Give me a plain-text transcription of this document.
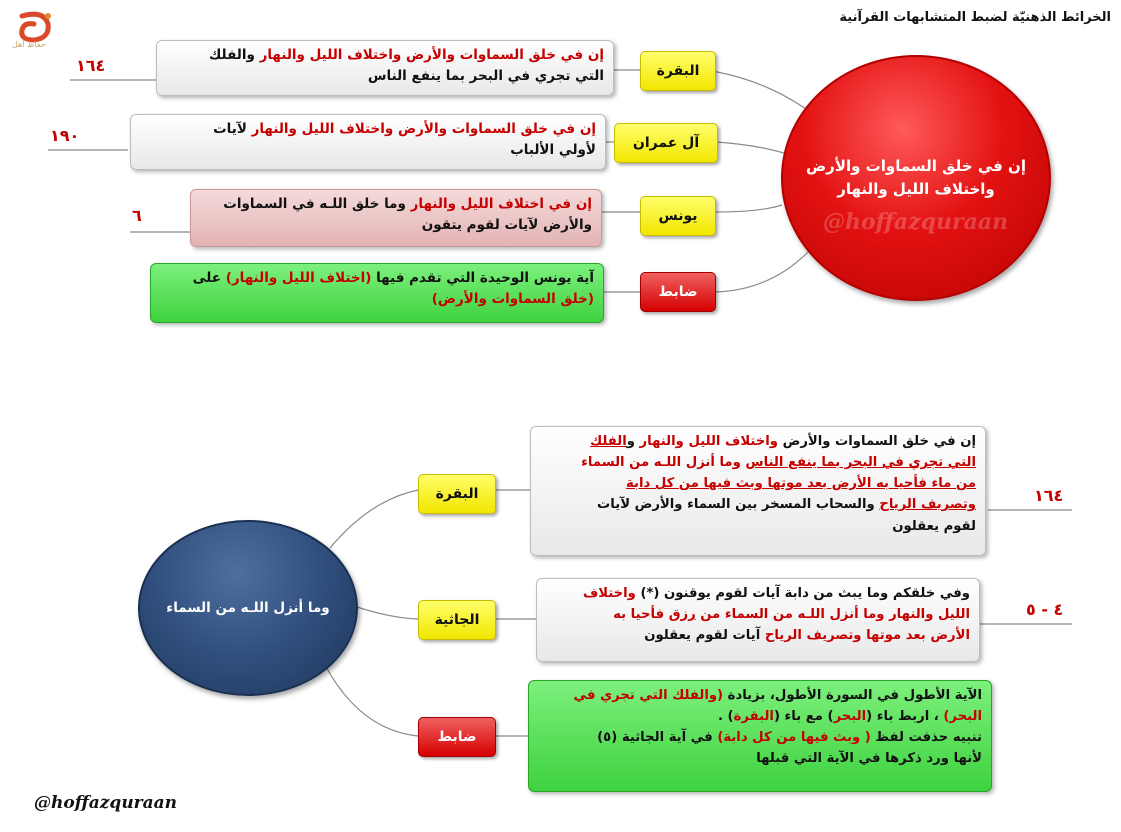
الخرائط الذهنيّة لضبط المتشابهات القرآنية
حفاظ أهل
إن في خلق السماوات والأرض
واختلاف الليل والنهار
@hoffazquraan
البقرة
آل عمران
يونس
ضابط
إن في خلق السماوات والأرض واختلاف الليل والنهار والفلك
التي تجري في البحر بما ينفع الناس
إن في خلق السماوات والأرض واختلاف الليل والنهار لآيات
لأولي الألباب
إن في اختلاف الليل والنهار وما خلق اللـه في السماوات
والأرض لآيات لقوم يتقون
آية يونس الوحيدة التي تقدم فيها (اختلاف الليل والنهار) على
(خلق السماوات والأرض)
١٦٤
١٩٠
٦
وما أنزل اللـه من السماء
البقرة
الجاثية
ضابط
إن في خلق السماوات والأرض واختلاف الليل والنهار والفلك
التي تجري في البحر بما ينفع الناس وما أنزل اللـه من السماء
من ماء فأحيا به الأرض بعد موتها وبث فيها من كل دابة
وتصريف الرياح والسحاب المسخر بين السماء والأرض لآيات
لقوم يعقلون
وفي خلقكم وما يبث من دابة آيات لقوم يوقنون (*) واختلاف
الليل والنهار وما أنزل اللـه من السماء من رزق فأحيا به
الأرض بعد موتها وتصريف الرياح آيات لقوم يعقلون
الآية الأطول في السورة الأطول، بزيادة (والفلك التي تجري في
البحر) ، اربط باء (البحر) مع باء (البقرة) .
تنبيه حذفت لفظ ( وبث فيها من كل دابة) في آية الجاثية (٥)
لأنها ورد ذكرها في الآية التي قبلها
١٦٤
٤ - ٥
@hoffazquraan
